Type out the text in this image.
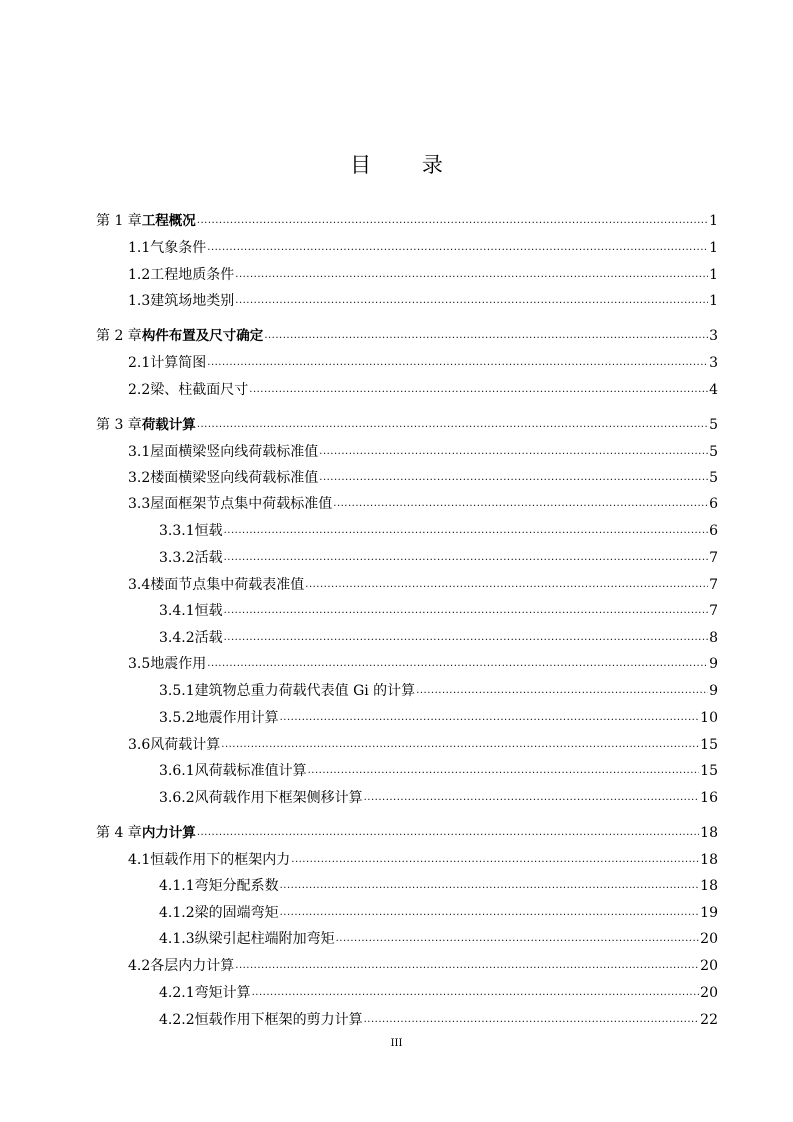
目 录
第 1 章 工程概况 .....	1
1.1 气象条件 .....	1
1.2 工程地质条件 .....	1
1.3 建筑场地类别 .....	1
第 2 章 构件布置及尺寸确定 .....	3
2.1 计算简图 .....	3
2.2 梁、柱截面尺寸 .....	4
第 3 章 荷载计算 .....	5
3.1 屋面横梁竖向线荷载标准值 .....	5
3.2 楼面横梁竖向线荷载标准值 .....	5
3.3 屋面框架节点集中荷载标准值 .....	6
3.3.1 恒载 .....	6
3.3.2 活载 .....	7
3.4 楼面节点集中荷载表准值 .....	7
3.4.1 恒载 .....	7
3.4.2 活载 .....	8
3.5 地震作用 .....	9
3.5.1 建筑物总重力荷载代表值 Gi 的计算 .....	9
3.5.2 地震作用计算 .....	10
3.6 风荷载计算 .....	15
3.6.1 风荷载标准值计算 .....	15
3.6.2 风荷载作用下框架侧移计算 .....	16
第 4 章 内力计算 .....	18
4.1 恒载作用下的框架内力 .....	18
4.1.1 弯矩分配系数 .....	18
4.1.2 梁的固端弯矩 .....	19
4.1.3 纵梁引起柱端附加弯矩 .....	20
4.2 各层内力计算 .....	20
4.2.1 弯矩计算 .....	20
4.2.2 恒载作用下框架的剪力计算 .....	22
III
